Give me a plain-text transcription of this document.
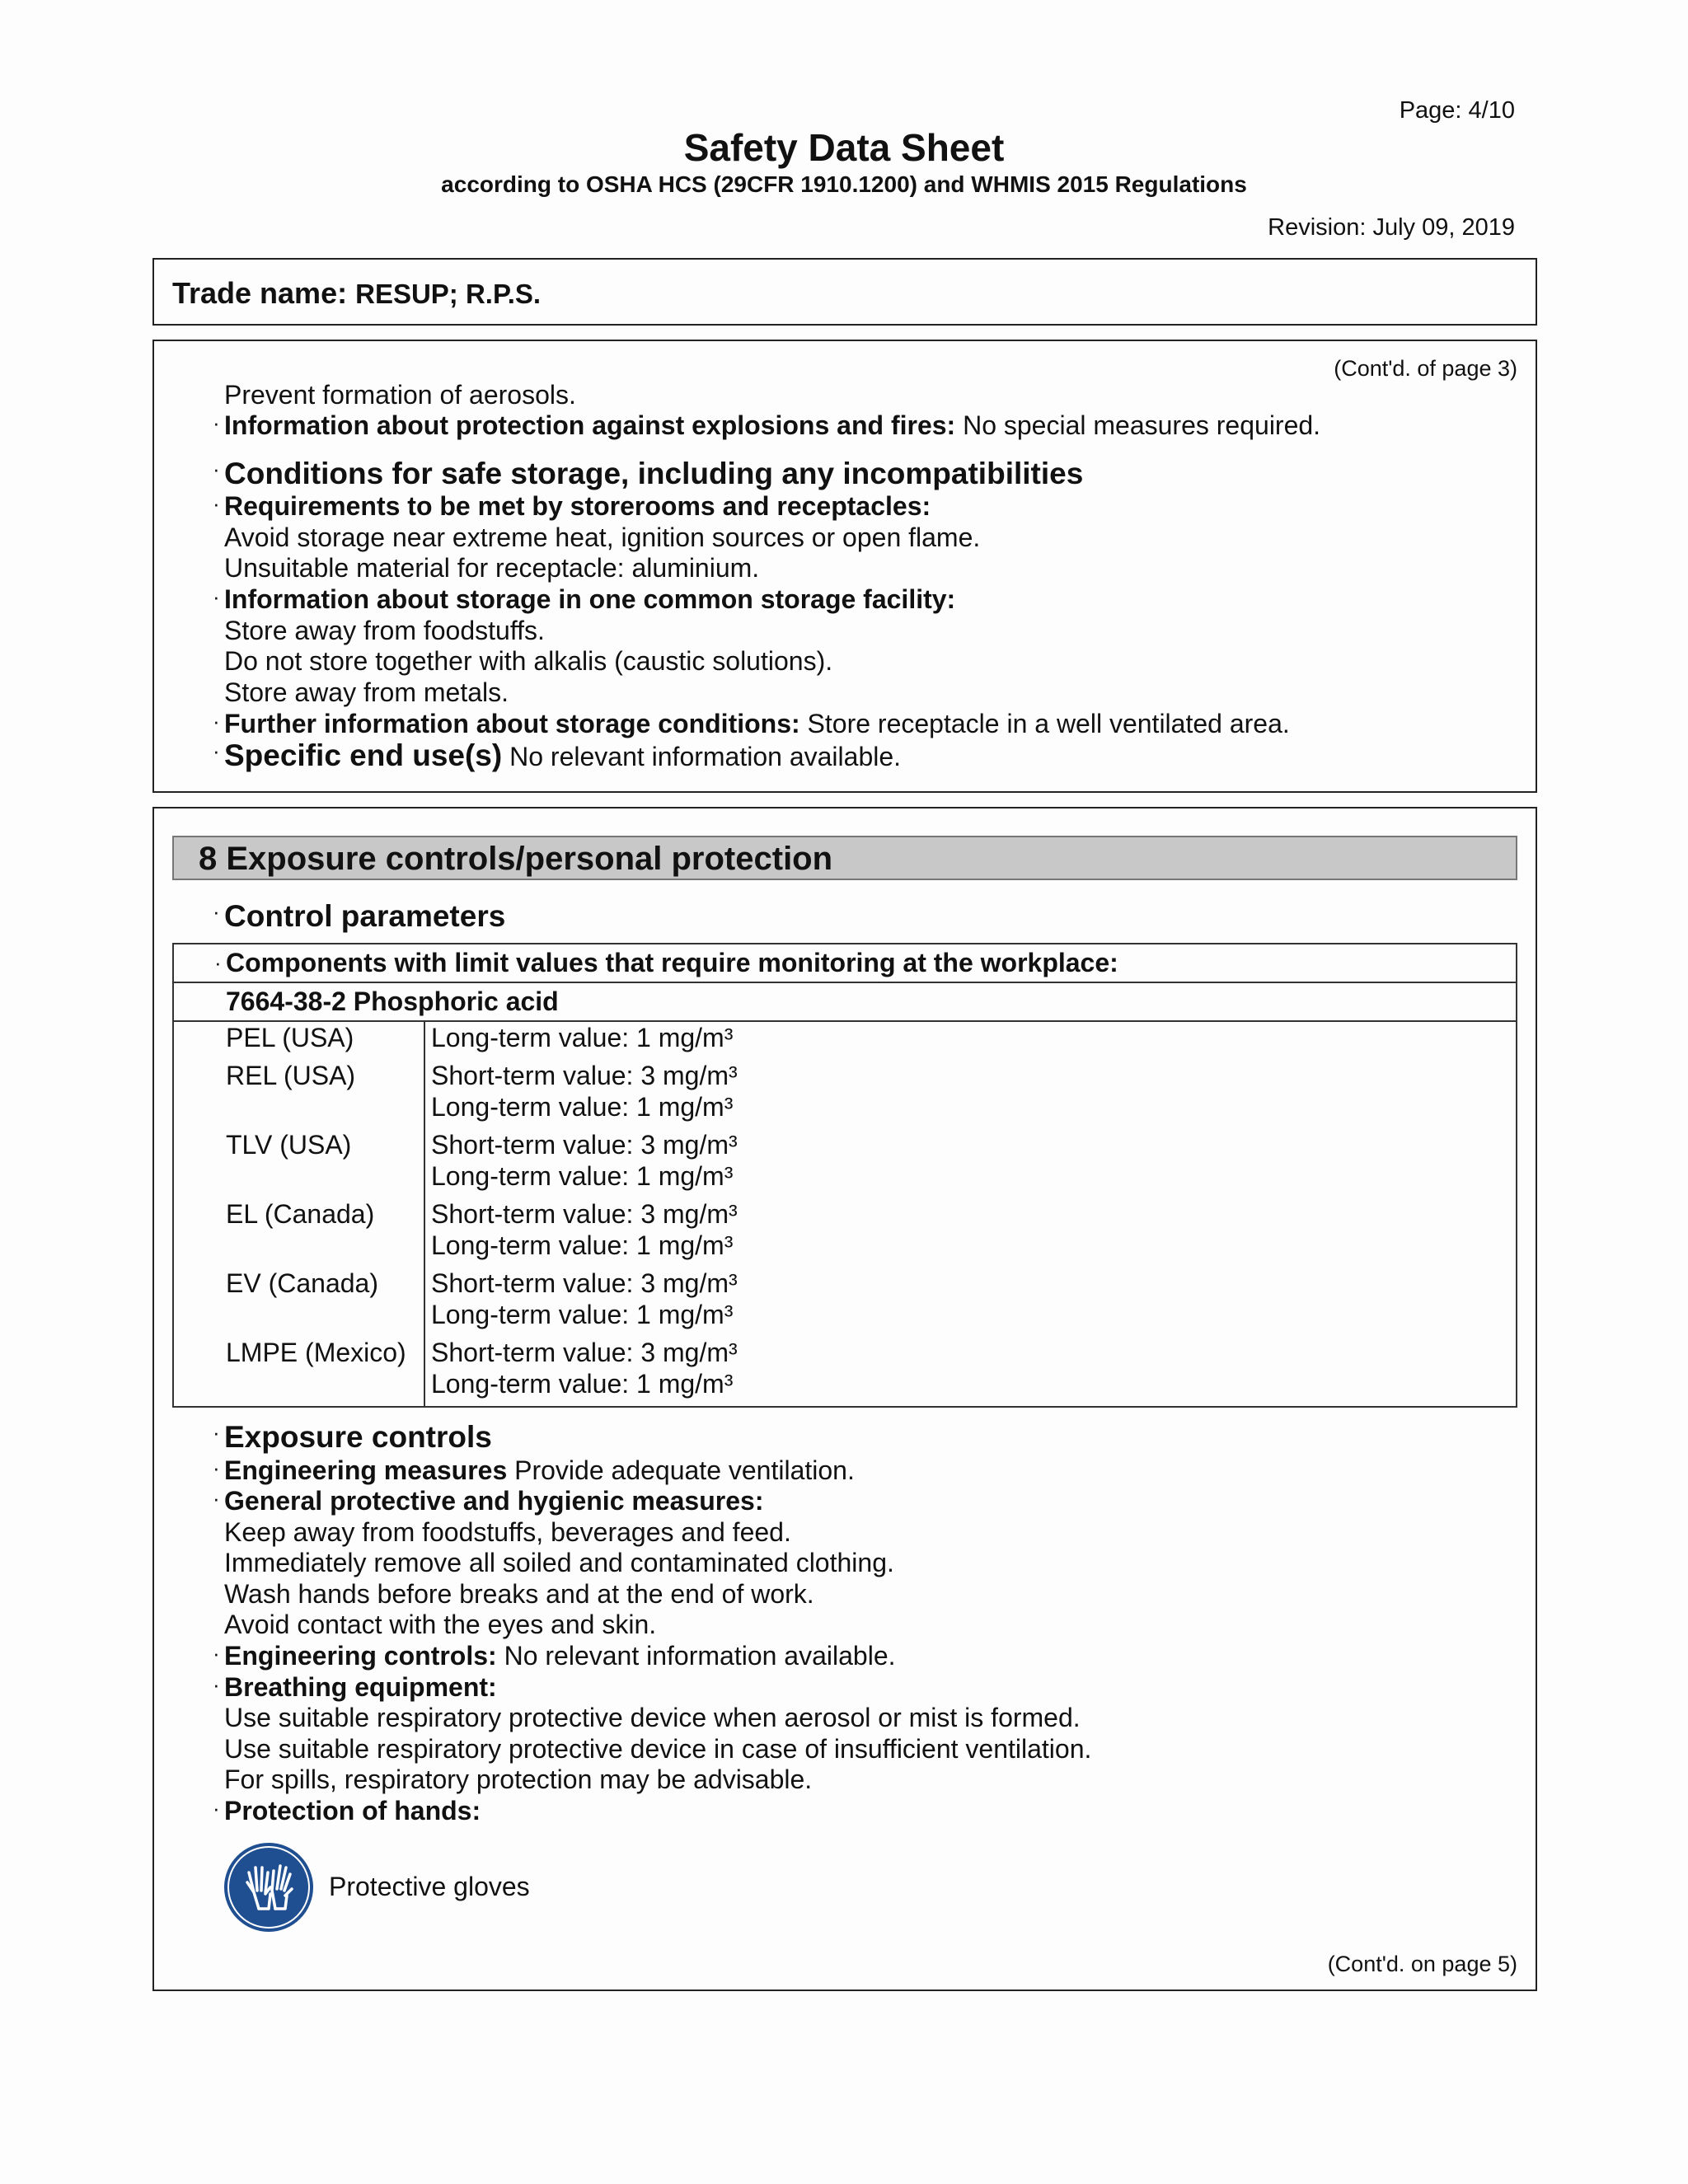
Page: 4/10
Safety Data Sheet
according to OSHA HCS (29CFR 1910.1200) and WHMIS 2015 Regulations
Revision: July 09, 2019
Trade name: RESUP; R.P.S.
(Cont'd. of page 3)
Prevent formation of aerosols.
· Information about protection against explosions and fires: No special measures required.
· Conditions for safe storage, including any incompatibilities
· Requirements to be met by storerooms and receptacles:
Avoid storage near extreme heat, ignition sources or open flame.
Unsuitable material for receptacle: aluminium.
· Information about storage in one common storage facility:
Store away from foodstuffs.
Do not store together with alkalis (caustic solutions).
Store away from metals.
· Further information about storage conditions: Store receptacle in a well ventilated area.
· Specific end use(s) No relevant information available.
8 Exposure controls/personal protection
· Control parameters
· Components with limit values that require monitoring at the workplace:	
7664-38-2 Phosphoric acid	
PEL (USA)	Long-term value: 1 mg/m³

REL (USA)	Short-term value: 3 mg/m³
Long-term value: 1 mg/m³

TLV (USA)	Short-term value: 3 mg/m³
Long-term value: 1 mg/m³

EL (Canada)	Short-term value: 3 mg/m³
Long-term value: 1 mg/m³

EV (Canada)	Short-term value: 3 mg/m³
Long-term value: 1 mg/m³

LMPE (Mexico)	Short-term value: 3 mg/m³
Long-term value: 1 mg/m³
· Exposure controls
· Engineering measures Provide adequate ventilation.
· General protective and hygienic measures:
Keep away from foodstuffs, beverages and feed.
Immediately remove all soiled and contaminated clothing.
Wash hands before breaks and at the end of work.
Avoid contact with the eyes and skin.
· Engineering controls: No relevant information available.
· Breathing equipment:
Use suitable respiratory protective device when aerosol or mist is formed.
Use suitable respiratory protective device in case of insufficient ventilation.
For spills, respiratory protection may be advisable.
· Protection of hands:
Protective gloves
(Cont'd. on page 5)
